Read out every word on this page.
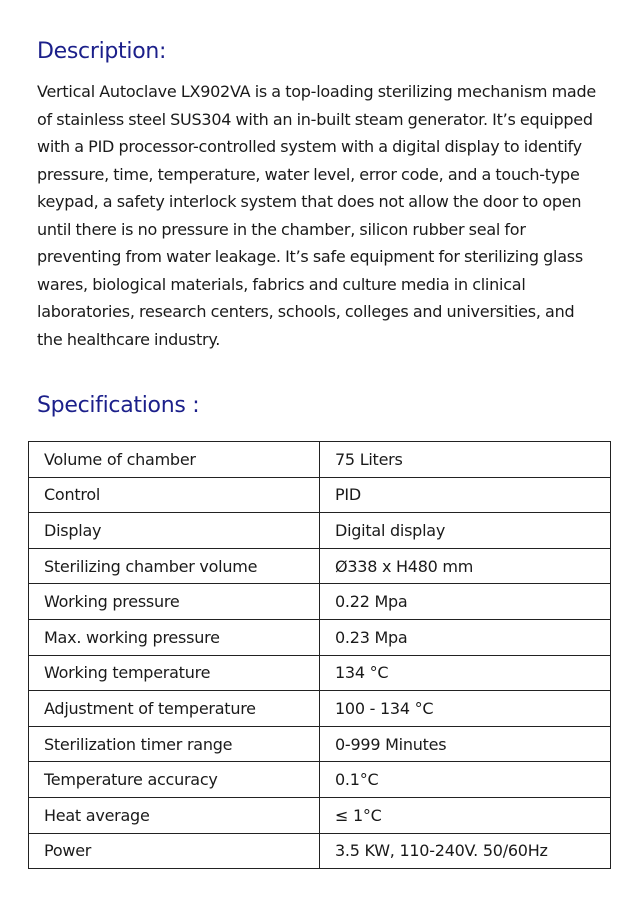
Description:

Vertical Autoclave LX902VA is a top-loading sterilizing mechanism made of stainless steel SUS304 with an in-built steam generator. It’s equipped with a PID processor-controlled system with a digital display to identify pressure, time, temperature, water level, error code, and a touch-type keypad, a safety interlock system that does not allow the door to open until there is no pressure in the chamber, silicon rubber seal for preventing from water leakage. It’s safe equipment for sterilizing glass wares, biological materials, fabrics and culture media in clinical laboratories, research centers, schools, colleges and universities, and the healthcare industry.

Specifications :
Volume of chamber	75 Liters
Control	PID
Display	Digital display
Sterilizing chamber volume	Ø338 x H480 mm
Working pressure	0.22 Mpa
Max. working pressure	0.23 Mpa
Working temperature	134 °C
Adjustment of temperature	100 - 134 °C
Sterilization timer range	0-999 Minutes
Temperature accuracy	0.1°C
Heat average	≤ 1°C
Power	3.5 KW, 110-240V. 50/60Hz
